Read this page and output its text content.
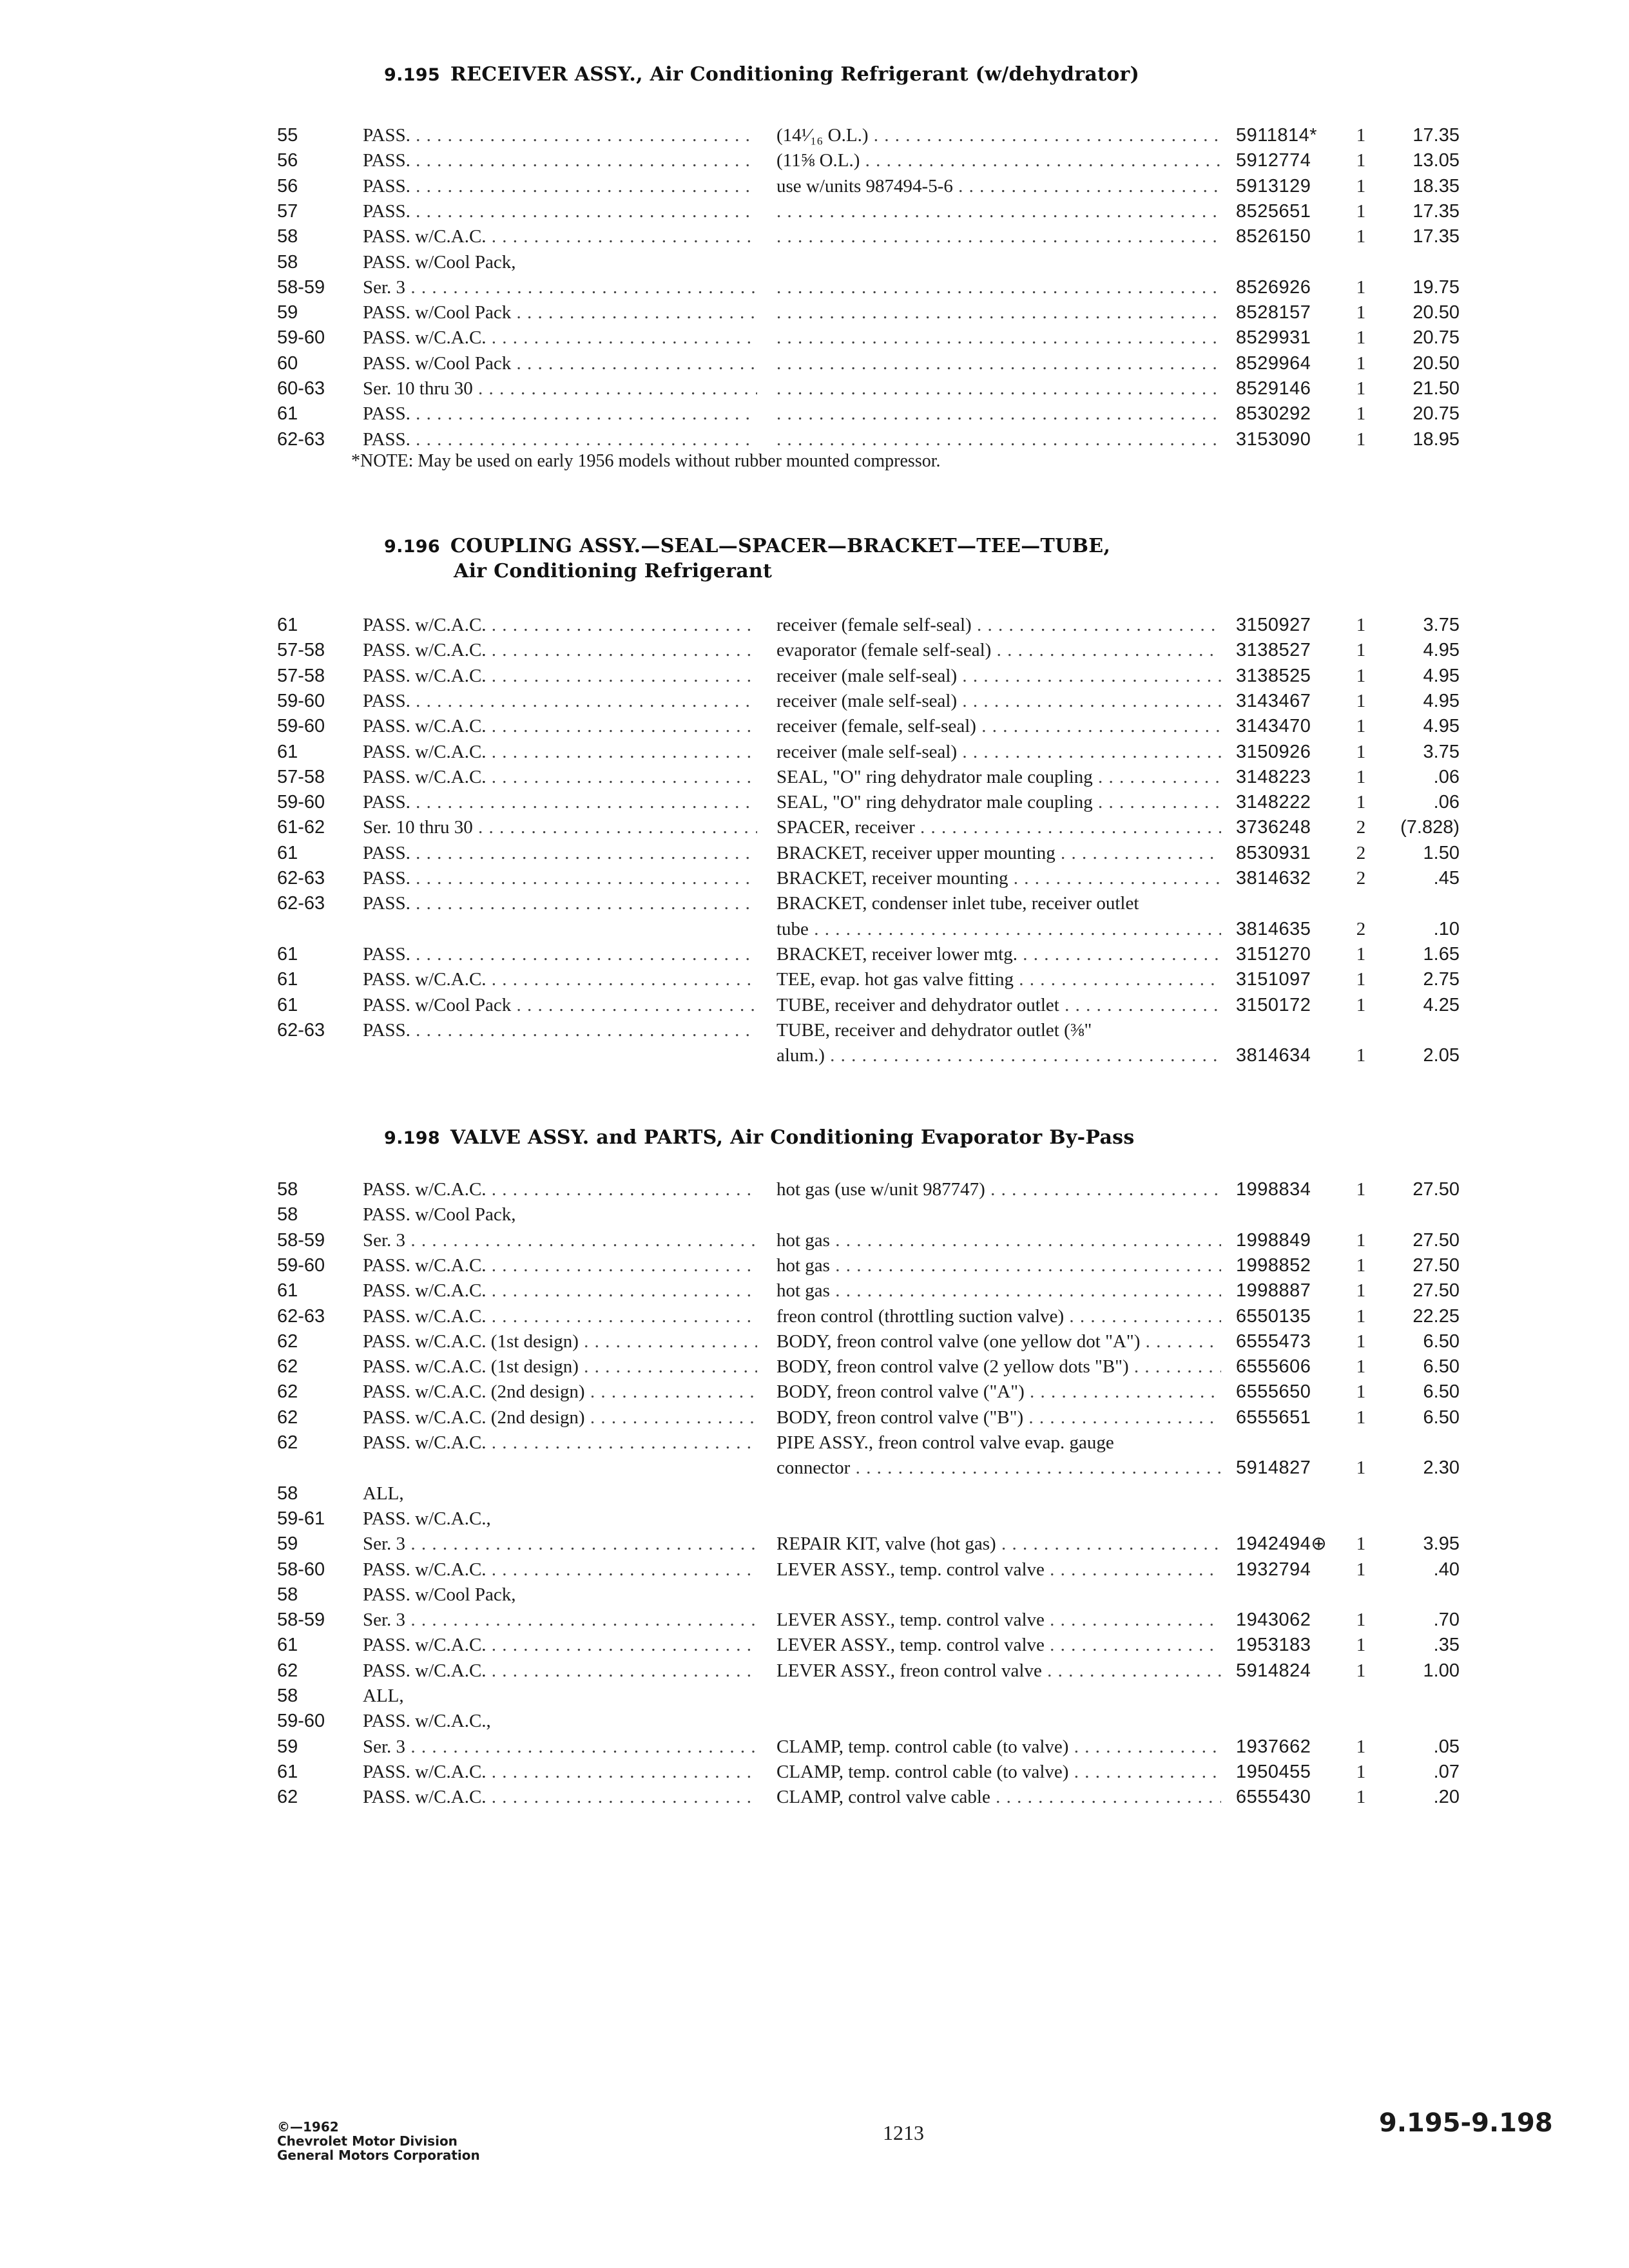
9.195 RECEIVER ASSY., Air Conditioning Refrigerant (w/dehydrator)
55	PASS. . . .	(14¹⁄₁₆ O.L.) . . .	5911814*	1	17.35
56	PASS. . . .	(11⅝ O.L.) . . .	5912774	1	13.05
56	PASS. . . .	use w/units 987494-5-6 . . .	5913129	1	18.35
57	PASS. . . . . . .	8525651	1	17.35
58	PASS. w/C.A.C. . . . . . .	8526150	1	17.35
58	PASS. w/Cool Pack,
58-59	Ser. 3 . . . . . .	8526926	1	19.75
59	PASS. w/Cool Pack . . . . . .	8528157	1	20.50
59-60	PASS. w/C.A.C. . . . . . .	8529931	1	20.75
60	PASS. w/Cool Pack . . . . . .	8529964	1	20.50
60-63	Ser. 10 thru 30 . . . . . .	8529146	1	21.50
61	PASS. . . . . . .	8530292	1	20.75
62-63	PASS. . . . . . .	3153090	1	18.95
*NOTE: May be used on early 1956 models without rubber mounted compressor.
9.196 COUPLING ASSY.—SEAL—SPACER—BRACKET—TEE—TUBE,
Air Conditioning Refrigerant
61	PASS. w/C.A.C. . . .	receiver (female self-seal) . . .	3150927	1	3.75
57-58	PASS. w/C.A.C. . . .	evaporator (female self-seal) . . .	3138527	1	4.95
57-58	PASS. w/C.A.C. . . .	receiver (male self-seal) . . .	3138525	1	4.95
59-60	PASS. . . .	receiver (male self-seal) . . .	3143467	1	4.95
59-60	PASS. w/C.A.C. . . .	receiver (female, self-seal) . . .	3143470	1	4.95
61	PASS. w/C.A.C. . . .	receiver (male self-seal) . . .	3150926	1	3.75
57-58	PASS. w/C.A.C. . . .	SEAL, "O" ring dehydrator male coupling . . .	3148223	1	.06
59-60	PASS. . . .	SEAL, "O" ring dehydrator male coupling . . .	3148222	1	.06
61-62	Ser. 10 thru 30 . . .	SPACER, receiver . . .	3736248	2	(7.828)
61	PASS. . . .	BRACKET, receiver upper mounting . . .	8530931	2	1.50
62-63	PASS. . . .	BRACKET, receiver mounting . . .	3814632	2	.45
62-63	PASS. . . .	BRACKET, condenser inlet tube, receiver outlet
tube . . .	3814635	2	.10
61	PASS. . . .	BRACKET, receiver lower mtg. . . .	3151270	1	1.65
61	PASS. w/C.A.C. . . .	TEE, evap. hot gas valve fitting . . .	3151097	1	2.75
61	PASS. w/Cool Pack . . .	TUBE, receiver and dehydrator outlet . . .	3150172	1	4.25
62-63	PASS. . . .	TUBE, receiver and dehydrator outlet (⅜"
alum.) . . .	3814634	1	2.05
9.198 VALVE ASSY. and PARTS, Air Conditioning Evaporator By-Pass
58	PASS. w/C.A.C. . . .	hot gas (use w/unit 987747) . . .	1998834	1	27.50
58	PASS. w/Cool Pack,
58-59	Ser. 3 . . .	hot gas . . .	1998849	1	27.50
59-60	PASS. w/C.A.C. . . .	hot gas . . .	1998852	1	27.50
61	PASS. w/C.A.C. . . .	hot gas . . .	1998887	1	27.50
62-63	PASS. w/C.A.C. . . .	freon control (throttling suction valve) . . .	6550135	1	22.25
62	PASS. w/C.A.C. (1st design) . . .	BODY, freon control valve (one yellow dot "A") . . .	6555473	1	6.50
62	PASS. w/C.A.C. (1st design) . . .	BODY, freon control valve (2 yellow dots "B") . . .	6555606	1	6.50
62	PASS. w/C.A.C. (2nd design) . . .	BODY, freon control valve ("A") . . .	6555650	1	6.50
62	PASS. w/C.A.C. (2nd design) . . .	BODY, freon control valve ("B") . . .	6555651	1	6.50
62	PASS. w/C.A.C. . . .	PIPE ASSY., freon control valve evap. gauge
connector . . .	5914827	1	2.30
58	ALL,
59-61	PASS. w/C.A.C.,
59	Ser. 3 . . .	REPAIR KIT, valve (hot gas) . . .	1942494⊕	1	3.95
58-60	PASS. w/C.A.C. . . .	LEVER ASSY., temp. control valve . . .	1932794	1	.40
58	PASS. w/Cool Pack,
58-59	Ser. 3 . . .	LEVER ASSY., temp. control valve . . .	1943062	1	.70
61	PASS. w/C.A.C. . . .	LEVER ASSY., temp. control valve . . .	1953183	1	.35
62	PASS. w/C.A.C. . . .	LEVER ASSY., freon control valve . . .	5914824	1	1.00
58	ALL,
59-60	PASS. w/C.A.C.,
59	Ser. 3 . . .	CLAMP, temp. control cable (to valve) . . .	1937662	1	.05
61	PASS. w/C.A.C. . . .	CLAMP, temp. control cable (to valve) . . .	1950455	1	.07
62	PASS. w/C.A.C. . . .	CLAMP, control valve cable . . .	6555430	1	.20
©—1962
Chevrolet Motor Division
General Motors Corporation
1213	9.195-9.198
